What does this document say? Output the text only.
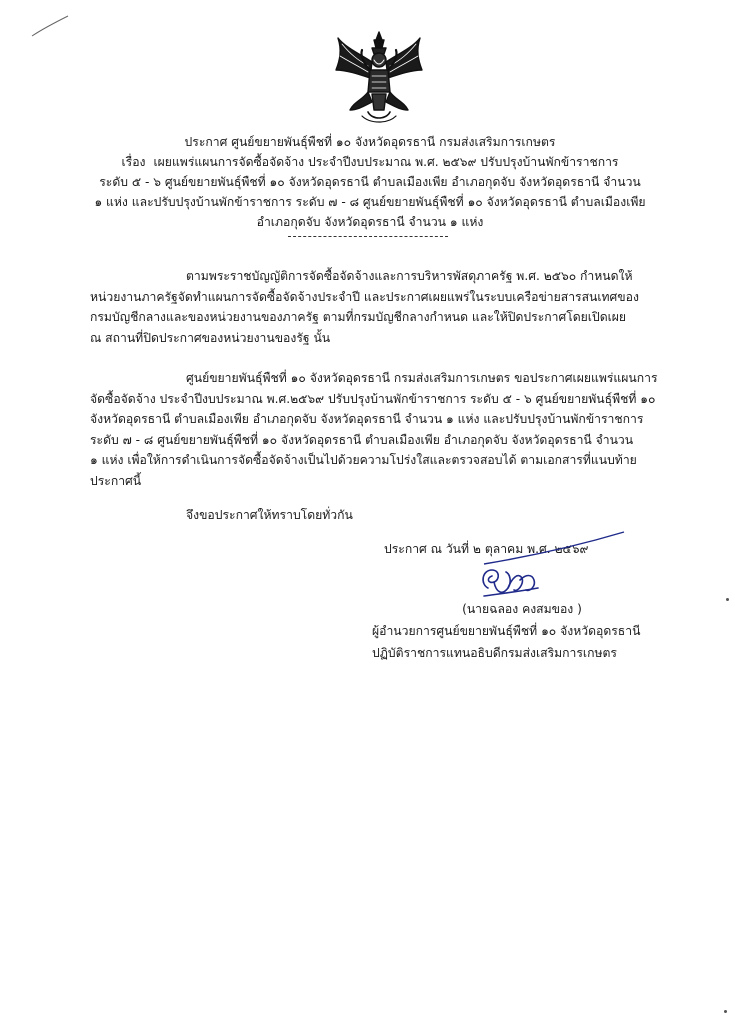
ประกาศ ศูนย์ขยายพันธุ์พืชที่ ๑๐ จังหวัดอุดรธานี กรมส่งเสริมการเกษตร
เรื่อง เผยแพร่แผนการจัดซื้อจัดจ้าง ประจำปีงบประมาณ พ.ศ. ๒๕๖๙ ปรับปรุงบ้านพักข้าราชการ
ระดับ ๕ - ๖ ศูนย์ขยายพันธุ์พืชที่ ๑๐ จังหวัดอุดรธานี ตำบลเมืองเพีย อำเภอกุดจับ จังหวัดอุดรธานี จำนวน
๑ แห่ง และปรับปรุงบ้านพักข้าราชการ ระดับ ๗ - ๘ ศูนย์ขยายพันธุ์พืชที่ ๑๐ จังหวัดอุดรธานี ตำบลเมืองเพีย
อำเภอกุดจับ จังหวัดอุดรธานี จำนวน ๑ แห่ง
ตามพระราชบัญญัติการจัดซื้อจัดจ้างและการบริหารพัสดุภาครัฐ พ.ศ. ๒๕๖๐ กำหนดให้
หน่วยงานภาครัฐจัดทำแผนการจัดซื้อจัดจ้างประจำปี และประกาศเผยแพร่ในระบบเครือข่ายสารสนเทศของ
กรมบัญชีกลางและของหน่วยงานของภาครัฐ ตามที่กรมบัญชีกลางกำหนด และให้ปิดประกาศโดยเปิดเผย
ณ สถานที่ปิดประกาศของหน่วยงานของรัฐ นั้น
ศูนย์ขยายพันธุ์พืชที่ ๑๐ จังหวัดอุดรธานี กรมส่งเสริมการเกษตร ขอประกาศเผยแพร่แผนการ
จัดซื้อจัดจ้าง ประจำปีงบประมาณ พ.ศ.๒๕๖๙ ปรับปรุงบ้านพักข้าราชการ ระดับ ๕ - ๖ ศูนย์ขยายพันธุ์พืชที่ ๑๐
จังหวัดอุดรธานี ตำบลเมืองเพีย อำเภอกุดจับ จังหวัดอุดรธานี จำนวน ๑ แห่ง และปรับปรุงบ้านพักข้าราชการ
ระดับ ๗ - ๘ ศูนย์ขยายพันธุ์พืชที่ ๑๐ จังหวัดอุดรธานี ตำบลเมืองเพีย อำเภอกุดจับ จังหวัดอุดรธานี จำนวน
๑ แห่ง เพื่อให้การดำเนินการจัดซื้อจัดจ้างเป็นไปด้วยความโปร่งใสและตรวจสอบได้ ตามเอกสารที่แนบท้าย
ประกาศนี้
จึงขอประกาศให้ทราบโดยทั่วกัน
ประกาศ ณ วันที่ ๒ ตุลาคม พ.ศ. ๒๕๖๙
(นายฉลอง คงสมของ )
ผู้อำนวยการศูนย์ขยายพันธุ์พืชที่ ๑๐ จังหวัดอุดรธานี
ปฏิบัติราชการแทนอธิบดีกรมส่งเสริมการเกษตร
